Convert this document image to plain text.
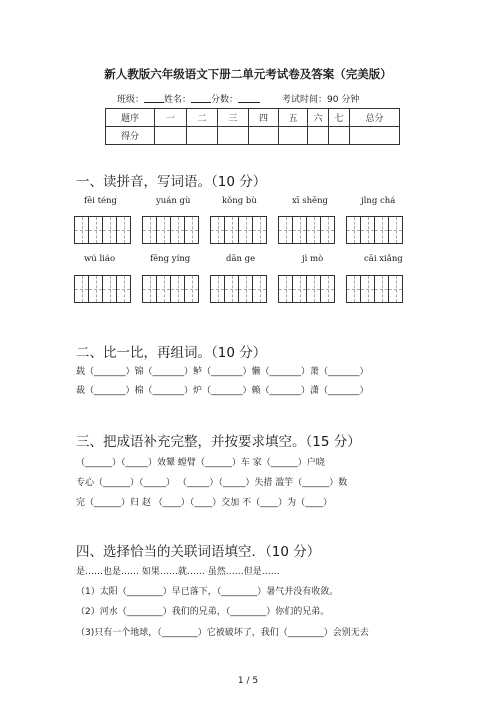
新人教版六年级语文下册二单元考试卷及答案（完美版）
班级： 姓名： 分数：	考试时间：90 分钟
题序	一	二	三	四	五	六	七	总分
得分								
一、读拼音，写词语。（10 分）
fēi téng	yuán gù	kǒng bù	xī shēng	jǐng chá
wú liáo	fēng yíng	dān ge	jì mò	cāi xiǎng
二、比一比，再组词。（10 分）
载（_______）锦（_______）鲈（_______）懒（_______）萧（_______）
裁（_______）棉（_______）炉（_______）赖（_______）潇（_______）
三、把成语补充完整，并按要求填空。（15 分）
（______）（_____）效颦 螳臂（______）车 家（______）户晓
专心（______）（_____） （_____）（_____）失措 滥竽（______）数
完（______）归 赵 （____）（____）交加 不（____）为（____）
四、选择恰当的关联词语填空．（10 分）
是……也是…… 如果……就…… 虽然……但是……
（1）太阳（________）早已落下，（________）暑气并没有收敛。
（2）河水（________）我们的兄弟，（________）你们的兄弟。
（3)只有一个地球，（________）它被破坏了，我们（________）会别无去
1 / 5
